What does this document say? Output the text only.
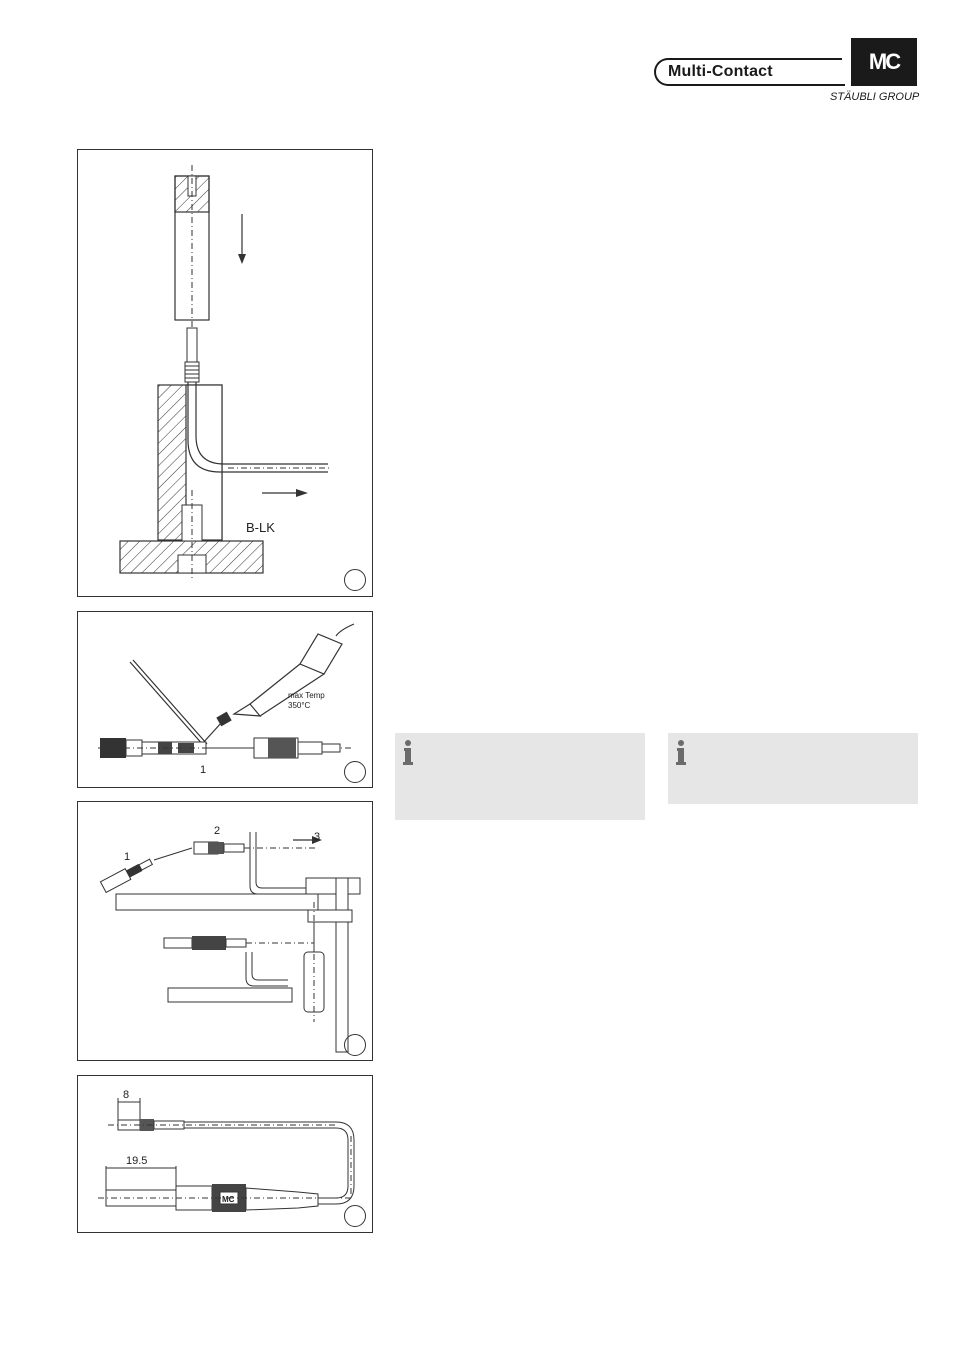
Multi-Contact	MC
STÄUBLI GROUP
B-LK
max Temp
350°C
1
1
2	3
8
19.5
MC
